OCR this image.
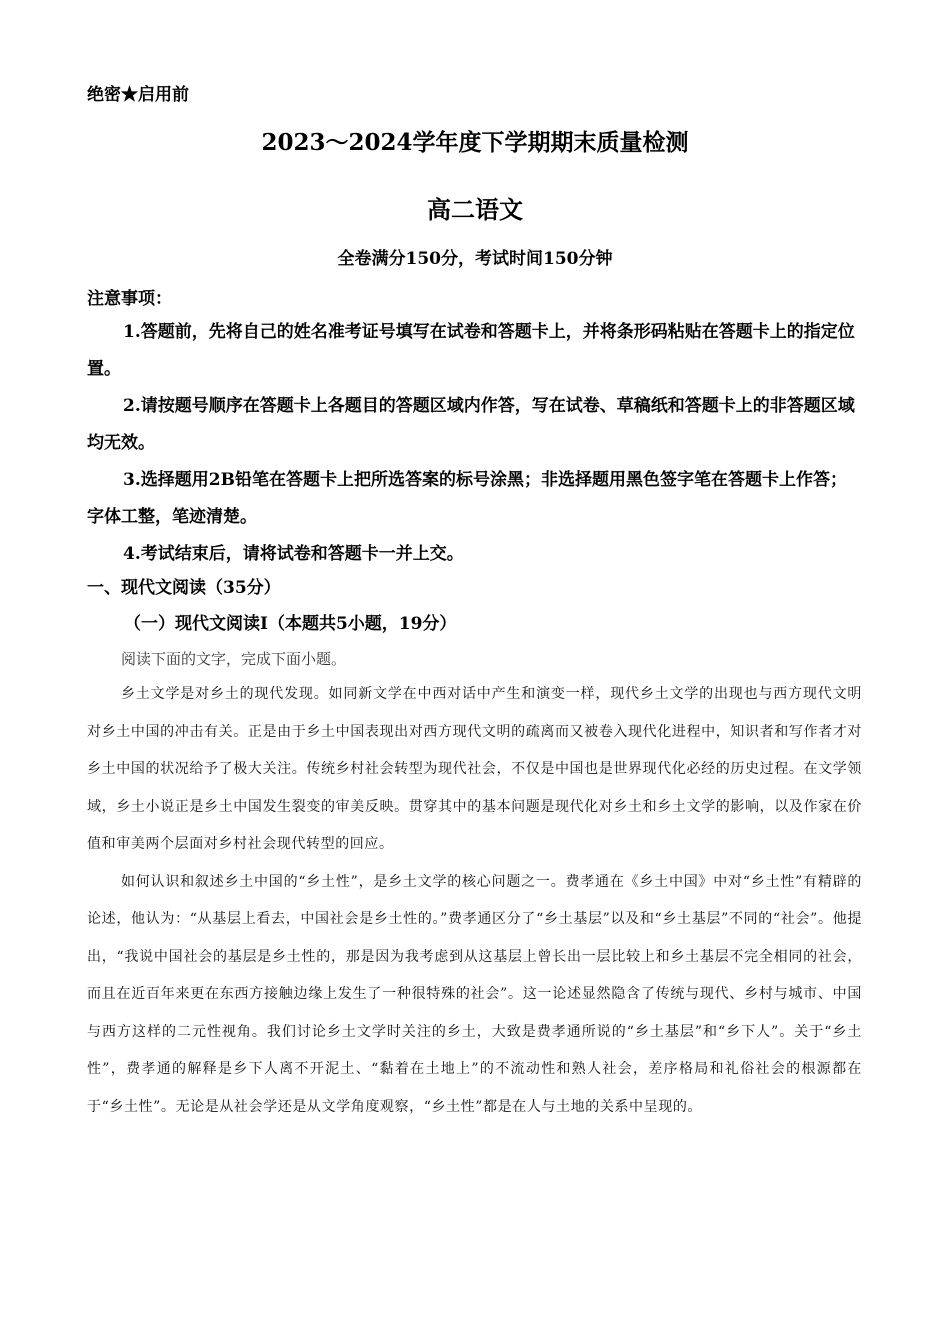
绝密★启用前
2023～2024学年度下学期期末质量检测
高二语文
全卷满分150分，考试时间150分钟
注意事项：

1.答题前，先将自己的姓名准考证号填写在试卷和答题卡上，并将条形码粘贴在答题卡上的指定位置。

2.请按题号顺序在答题卡上各题目的答题区域内作答，写在试卷、草稿纸和答题卡上的非答题区域均无效。

3.选择题用2B铅笔在答题卡上把所选答案的标号涂黑；非选择题用黑色签字笔在答题卡上作答；字体工整，笔迹清楚。

4.考试结束后，请将试卷和答题卡一并上交。

一、现代文阅读（35分）
（一）现代文阅读Ⅰ（本题共5小题，19分）
阅读下面的文字，完成下面小题。

乡土文学是对乡土的现代发现。如同新文学在中西对话中产生和演变一样，现代乡土文学的出现也与西方现代文明对乡土中国的冲击有关。正是由于乡土中国表现出对西方现代文明的疏离而又被卷入现代化进程中，知识者和写作者才对乡土中国的状况给予了极大关注。传统乡村社会转型为现代社会，不仅是中国也是世界现代化必经的历史过程。在文学领域，乡土小说正是乡土中国发生裂变的审美反映。贯穿其中的基本问题是现代化对乡土和乡土文学的影响，以及作家在价值和审美两个层面对乡村社会现代转型的回应。

如何认识和叙述乡土中国的“乡土性”，是乡土文学的核心问题之一。费孝通在《乡土中国》中对“乡土性”有精辟的论述，他认为：“从基层上看去，中国社会是乡土性的。”费孝通区分了“乡土基层”以及和“乡土基层”不同的“社会”。他提出，“我说中国社会的基层是乡土性的，那是因为我考虑到从这基层上曾长出一层比较上和乡土基层不完全相同的社会，而且在近百年来更在东西方接触边缘上发生了一种很特殊的社会”。这一论述显然隐含了传统与现代、乡村与城市、中国与西方这样的二元性视角。我们讨论乡土文学时关注的乡土，大致是费孝通所说的“乡土基层”和“乡下人”。关于“乡土性”，费孝通的解释是乡下人离不开泥土、“黏着在土地上”的不流动性和熟人社会，差序格局和礼俗社会的根源都在于“乡土性”。无论是从社会学还是从文学角度观察，“乡土性”都是在人与土地的关系中呈现的。
